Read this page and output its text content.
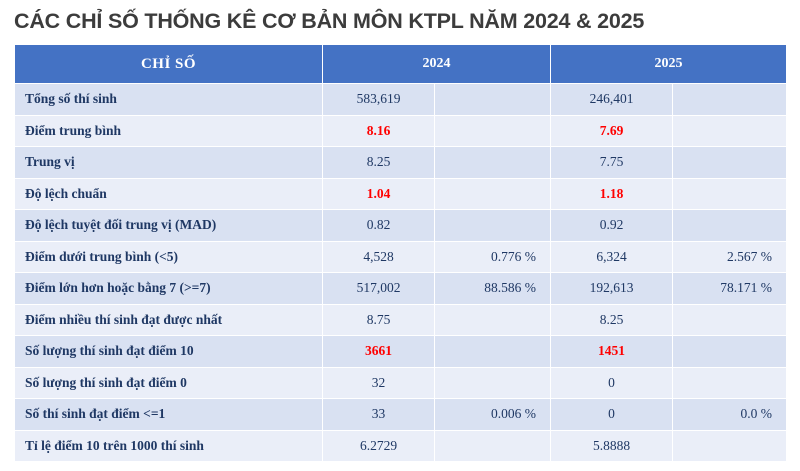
CÁC CHỈ SỐ THỐNG KÊ CƠ BẢN MÔN KTPL NĂM 2024 & 2025
CHỈ SỐ	2024		2025	
Tổng số thí sinh	583,619		246,401	
Điểm trung bình	8.16		7.69	
Trung vị	8.25		7.75	
Độ lệch chuẩn	1.04		1.18	
Độ lệch tuyệt đối trung vị (MAD)	0.82		0.92	
Điểm dưới trung bình (<5)	4,528	0.776 %	6,324	2.567 %
Điểm lớn hơn hoặc bằng 7 (>=7)	517,002	88.586 %	192,613	78.171 %
Điểm nhiều thí sinh đạt được nhất	8.75		8.25	
Số lượng thí sinh đạt điểm 10	3661		1451	
Số lượng thí sinh đạt điểm 0	32		0	
Số thí sinh đạt điểm <=1	33	0.006 %	0	0.0 %
Tỉ lệ điểm 10 trên 1000 thí sinh	6.2729		5.8888	
